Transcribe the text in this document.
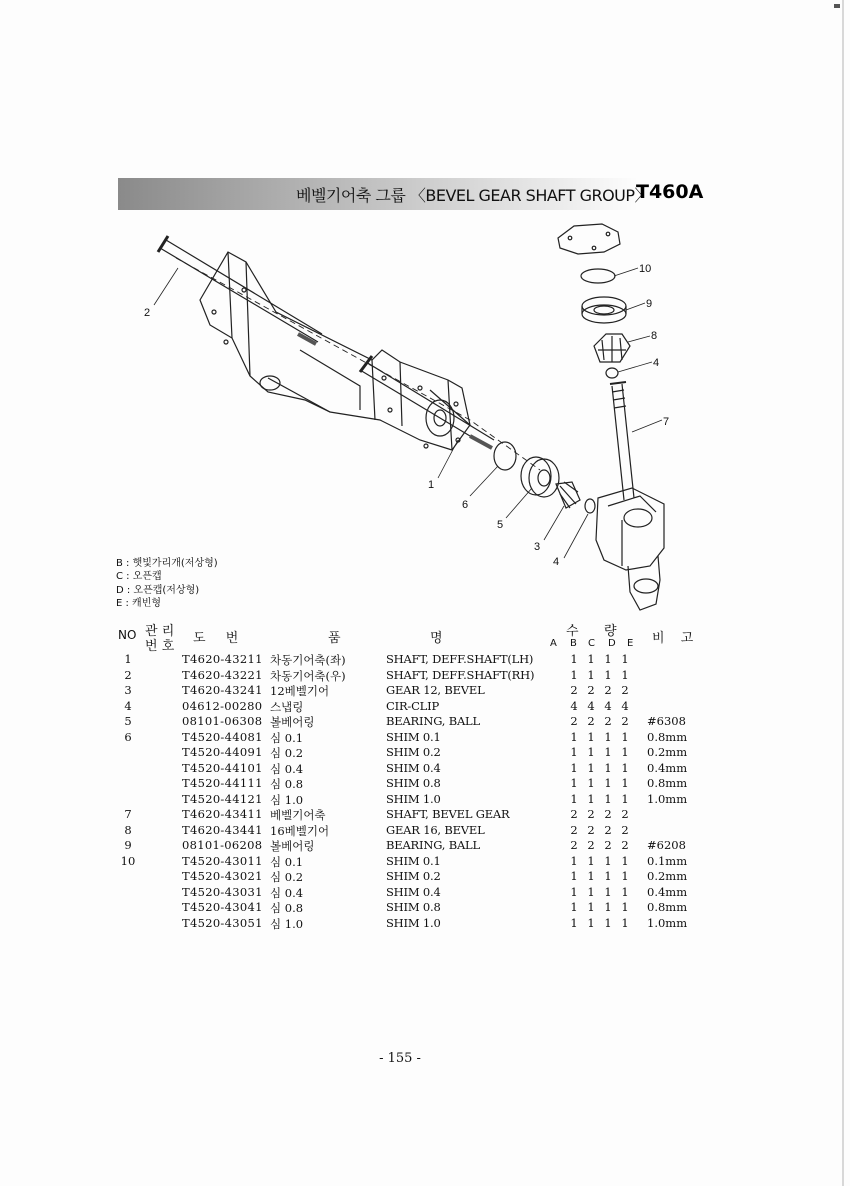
베벨기어축 그룹 〈BEVEL GEAR SHAFT GROUP〉
T460A
10
9
8
4
7
2
1
6
5
3
4
B : 햇빛가리개(저상형)
C : 오픈캡
D : 오픈캡(저상형)
E : 캐빈형
NO 관 리
번 호
도 번	품	명	수 량	비 고
A B C D E
1	T4620-43211 차동기어축(좌)	SHAFT, DEFF.SHAFT(LH)	1 1 1 1
2	T4620-43221 차동기어축(우)	SHAFT, DEFF.SHAFT(RH)	1 1 1 1
3	T4620-43241 12베벨기어	GEAR 12, BEVEL	2 2 2 2
4	04612-00280 스냅링	CIR-CLIP	4 4 4 4
5	08101-06308 볼베어링	BEARING, BALL	2 2 2 2 #6308
6	T4520-44081 심 0.1	SHIM 0.1	1 1 1 1 0.8mm
T4520-44091 심 0.2	SHIM 0.2	1 1 1 1 0.2mm
T4520-44101 심 0.4	SHIM 0.4	1 1 1 1 0.4mm
T4520-44111 심 0.8	SHIM 0.8	1 1 1 1 0.8mm
T4520-44121 심 1.0	SHIM 1.0	1 1 1 1 1.0mm
7	T4620-43411 베벨기어축	SHAFT, BEVEL GEAR	2 2 2 2
8	T4620-43441 16베벨기어	GEAR 16, BEVEL	2 2 2 2
9	08101-06208 볼베어링	BEARING, BALL	2 2 2 2 #6208
10	T4520-43011 심 0.1	SHIM 0.1	1 1 1 1 0.1mm
T4520-43021 심 0.2	SHIM 0.2	1 1 1 1 0.2mm
T4520-43031 심 0.4	SHIM 0.4	1 1 1 1 0.4mm
T4520-43041 심 0.8	SHIM 0.8	1 1 1 1 0.8mm
T4520-43051 심 1.0	SHIM 1.0	1 1 1 1 1.0mm
- 155 -
